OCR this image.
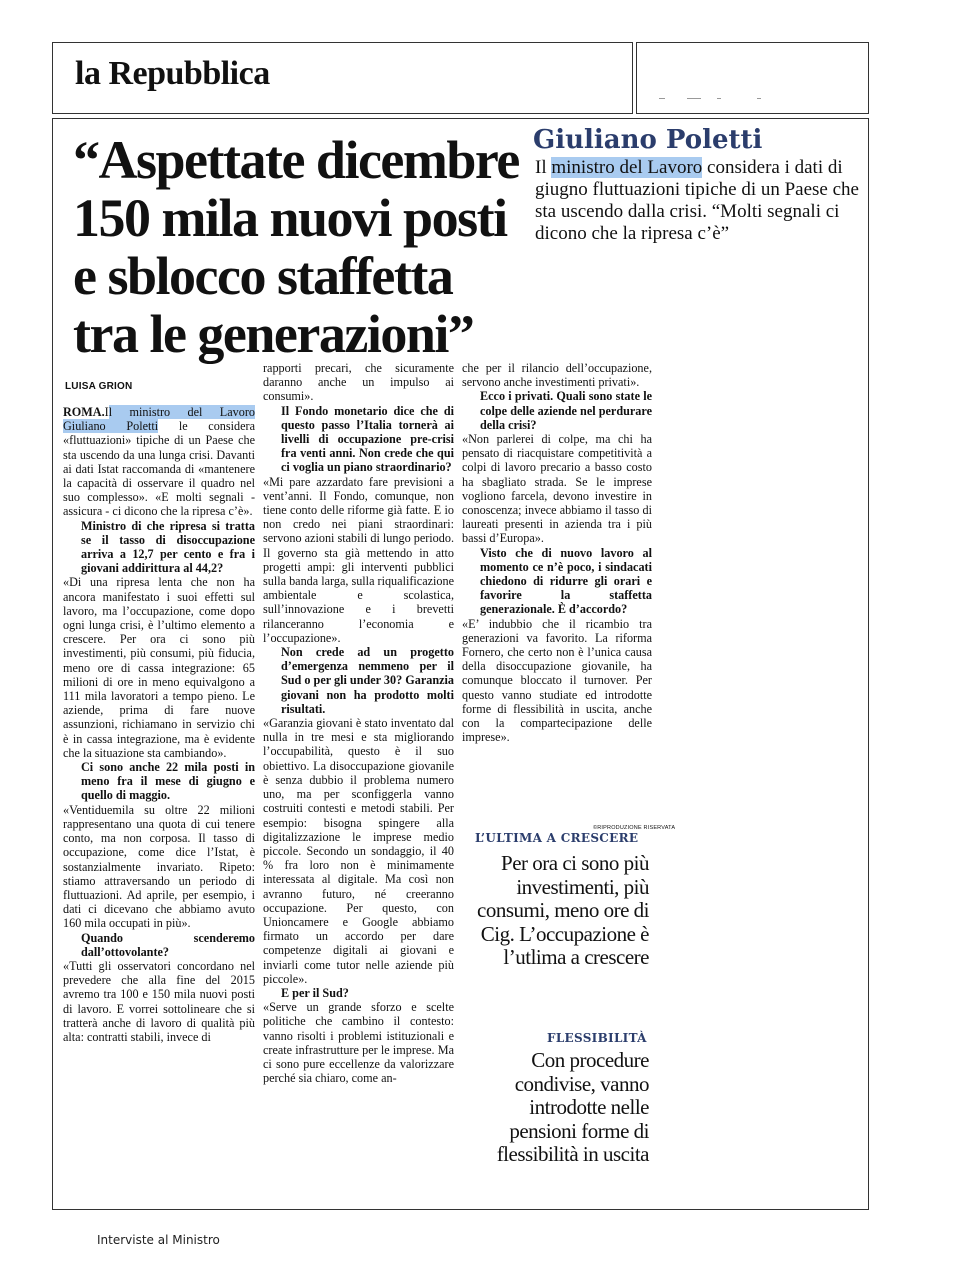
la Repubblica
“Aspettate dicembre
150 mila nuovi posti
e sblocco staffetta
tra le generazioni”
Giuliano Poletti
Il ministro del Lavoro considera i dati di giugno fluttuazioni tipiche di un Paese che sta uscendo dalla crisi. “Molti segnali ci dicono che la ripresa c’è”
LUISA GRION

ROMA.Il ministro del Lavoro Giuliano Poletti le considera «fluttuazioni» tipiche di un Paese che sta uscendo da una lunga crisi. Davanti ai dati Istat raccomanda di «mantenere la capacità di osservare il quadro nel suo complesso». «E molti segnali - assicura - ci dicono che la ripresa c’è».

Ministro di che ripresa si tratta se il tasso di disoccupazione arriva a 12,7 per cento e fra i giovani addirittura al 44,2?

«Di una ripresa lenta che non ha ancora manifestato i suoi effetti sul lavoro, ma l’occupazione, come dopo ogni lunga crisi, è l’ultimo elemento a crescere. Per ora ci sono più investimenti, più consumi, più fiducia, meno ore di cassa integrazione: 65 milioni di ore in meno equivalgono a 111 mila lavoratori a tempo pieno. Le aziende, prima di fare nuove assunzioni, richiamano in servizio chi è in cassa integrazione, ma è evidente che la situazione sta cambiando».

Ci sono anche 22 mila posti in meno fra il mese di giugno e quello di maggio.

«Ventiduemila su oltre 22 milioni rappresentano una quota di cui tenere conto, ma non corposa. Il tasso di occupazione, come dice l’Istat, è sostanzialmente invariato. Ripeto: stiamo attraversando un periodo di fluttuazioni. Ad aprile, per esempio, i dati ci dicevano che abbiamo avuto 160 mila occupati in più».

Quando scenderemo dall’ottovolante?

«Tutti gli osservatori concordano nel prevedere che alla fine del 2015 avremo tra 100 e 150 mila nuovi posti di lavoro. E vorrei sottolineare che si tratterà anche di lavoro di qualità più alta: contratti stabili, invece di

rapporti precari, che sicuramente daranno anche un impulso ai consumi».

Il Fondo monetario dice che di questo passo l’Italia tornerà ai livelli di occupazione pre-crisi fra venti anni. Non crede che qui ci voglia un piano straordinario?

«Mi pare azzardato fare previsioni a vent’anni. Il Fondo, comunque, non tiene conto delle riforme già fatte. E io non credo nei piani straordinari: servono azioni stabili di lungo periodo. Il governo sta già mettendo in atto progetti ampi: gli interventi pubblici sulla banda larga, sulla riqualificazione ambientale e scolastica, sull’innovazione e i brevetti rilanceranno l’economia e l’occupazione».

Non crede ad un progetto d’emergenza nemmeno per il Sud o per gli under 30? Garanzia giovani non ha prodotto molti risultati.

«Garanzia giovani è stato inventato dal nulla in tre mesi e sta migliorando l’occupabilità, questo è il suo obiettivo. La disoccupazione giovanile è senza dubbio il problema numero uno, ma per sconfiggerla vanno costruiti contesti e metodi stabili. Per esempio: bisogna spingere alla digitalizzazione le imprese medio piccole. Secondo un sondaggio, il 40 % fra loro non è minimamente interessata al digitale. Ma così non avranno futuro, né creeranno occupazione. Per questo, con Unioncamere e Google abbiamo firmato un accordo per dare competenze digitali ai giovani e inviarli come tutor nelle aziende più piccole».

E per il Sud?

«Serve un grande sforzo e scelte politiche che cambino il contesto: vanno risolti i problemi istituzionali e create infrastrutture per le imprese. Ma ci sono pure eccellenze da valorizzare perché sia chiaro, come an-

che per il rilancio dell’occupazione, servono anche investimenti privati».

Ecco i privati. Quali sono state le colpe delle aziende nel perdurare della crisi?

«Non parlerei di colpe, ma chi ha pensato di riacquistare competitività a colpi di lavoro precario a basso costo ha sbagliato strada. Se le imprese vogliono farcela, devono investire in conoscenza; invece abbiamo il tasso di laureati presenti in azienda tra i più bassi d’Europa».

Visto che di nuovo lavoro al momento ce n’è poco, i sindacati chiedono di ridurre gli orari e favorire la staffetta generazionale. È d’accordo?

«E’ indubbio che il ricambio tra generazioni va favorito. La riforma Fornero, che certo non è l’unica causa della disoccupazione giovanile, ha comunque bloccato il turnover. Per questo vanno studiate ed introdotte forme di flessibilità in uscita, anche con la compartecipazione delle imprese».

©RIPRODUZIONE RISERVATA
L’ULTIMA A CRESCERE
Per ora ci sono più investimenti, più consumi, meno ore di Cig. L’occupazione è l’utlima a crescere
FLESSIBILITÀ
Con procedure condivise, vanno introdotte nelle pensioni forme di flessibilità in uscita
Interviste al Ministro
